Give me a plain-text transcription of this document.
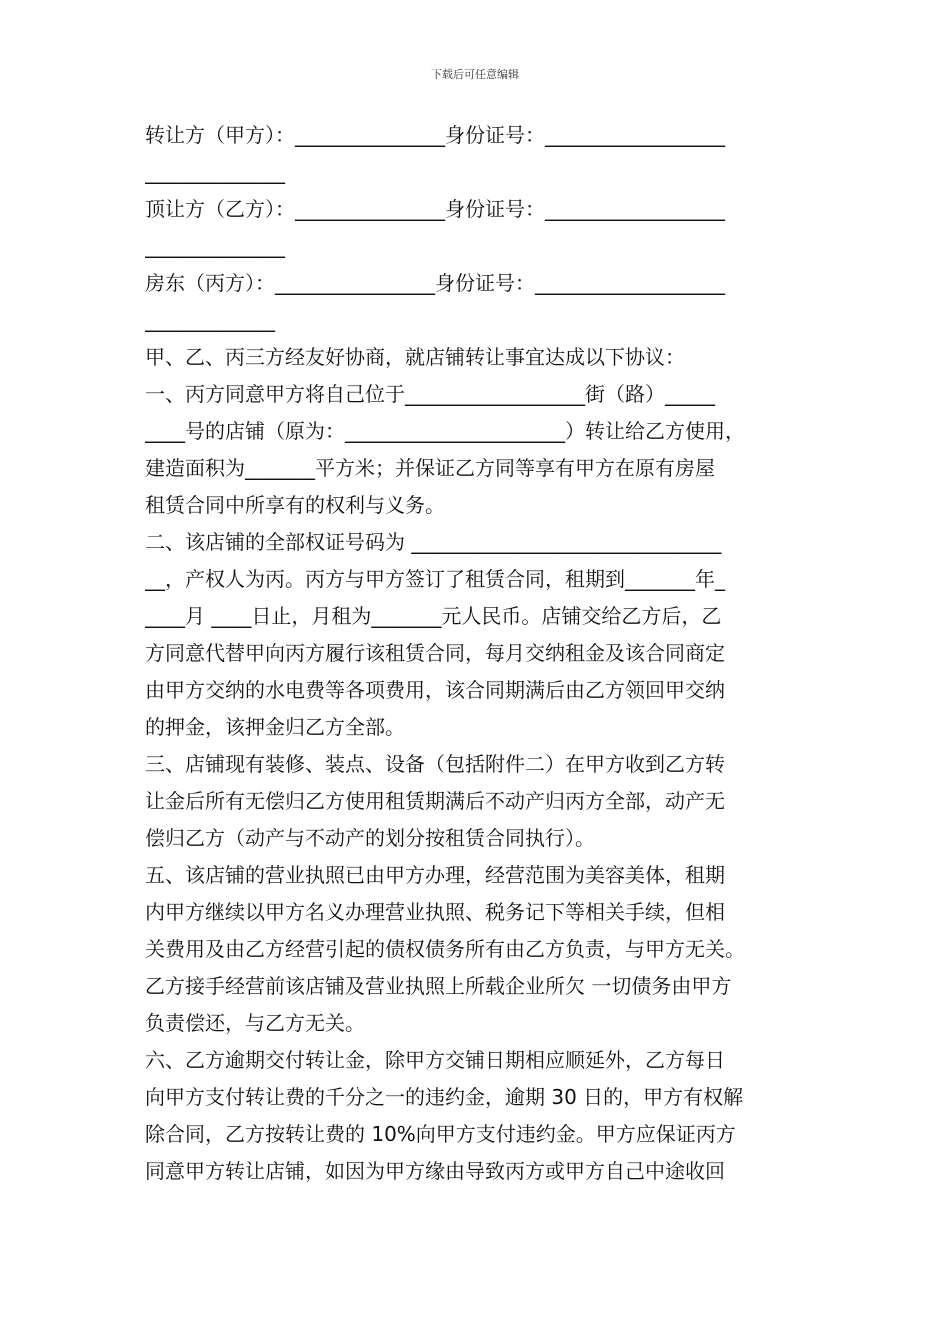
下载后可任意编辑
转让方（甲方）：_______________身份证号：__________________
______________
顶让方（乙方）：_______________身份证号：__________________
______________
房东（丙方）：________________身份证号：___________________
_____________
甲、乙、丙三方经友好协商，就店铺转让事宜达成以下协议：
一、丙方同意甲方将自己位于__________________街（路）_____
____号的店铺（原为：______________________）转让给乙方使用，
建造面积为_______平方米；并保证乙方同等享有甲方在原有房屋
租赁合同中所享有的权利与义务。
二、该店铺的全部权证号码为 _______________________________
__，产权人为丙。丙方与甲方签订了租赁合同，租期到_______年_
____月 ____日止，月租为_______元人民币。店铺交给乙方后，乙
方同意代替甲向丙方履行该租赁合同，每月交纳租金及该合同商定
由甲方交纳的水电费等各项费用，该合同期满后由乙方领回甲交纳
的押金，该押金归乙方全部。
三、店铺现有装修、装点、设备（包括附件二）在甲方收到乙方转
让金后所有无偿归乙方使用租赁期满后不动产归丙方全部，动产无
偿归乙方（动产与不动产的划分按租赁合同执行）。
五、该店铺的营业执照已由甲方办理，经营范围为美容美体，租期
内甲方继续以甲方名义办理营业执照、税务记下等相关手续，但相
关费用及由乙方经营引起的债权债务所有由乙方负责，与甲方无关。
乙方接手经营前该店铺及营业执照上所载企业所欠 一切债务由甲方
负责偿还，与乙方无关。
六、乙方逾期交付转让金，除甲方交铺日期相应顺延外，乙方每日
向甲方支付转让费的千分之一的违约金，逾期 30 日的，甲方有权解
除合同，乙方按转让费的 10%向甲方支付违约金。甲方应保证丙方
同意甲方转让店铺，如因为甲方缘由导致丙方或甲方自己中途收回
